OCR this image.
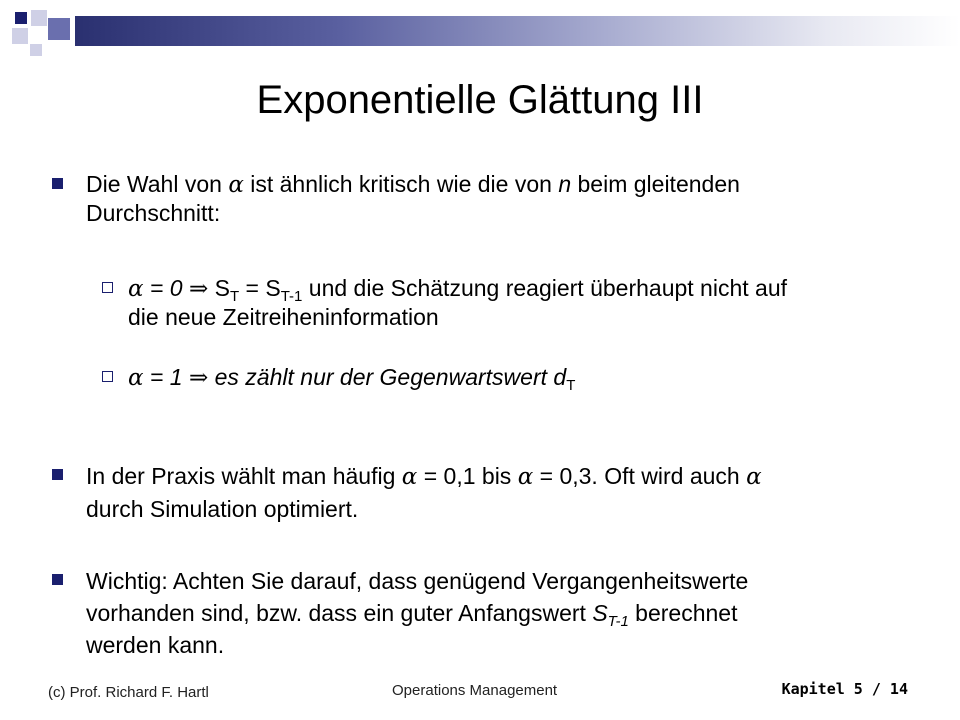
Exponentielle Glättung III
Die Wahl von α ist ähnlich kritisch wie die von n beim gleitenden
Durchschnitt:
α = 0 ⇒ $S_T = S_{T-1}$ und die Schätzung reagiert überhaupt nicht auf
die neue Zeitreiheninformation
α = 1 ⇒ es zählt nur der Gegenwartswert $d_T$
In der Praxis wählt man häufig α = 0,1 bis α = 0,3. Oft wird auch α
durch Simulation optimiert.
Wichtig: Achten Sie darauf, dass genügend Vergangenheitswerte
vorhanden sind, bzw. dass ein guter Anfangswert $S_{T-1}$ berechnet
werden kann.
(c) Prof. Richard F. Hartl	Operations Management	Kapitel 5 / 14
